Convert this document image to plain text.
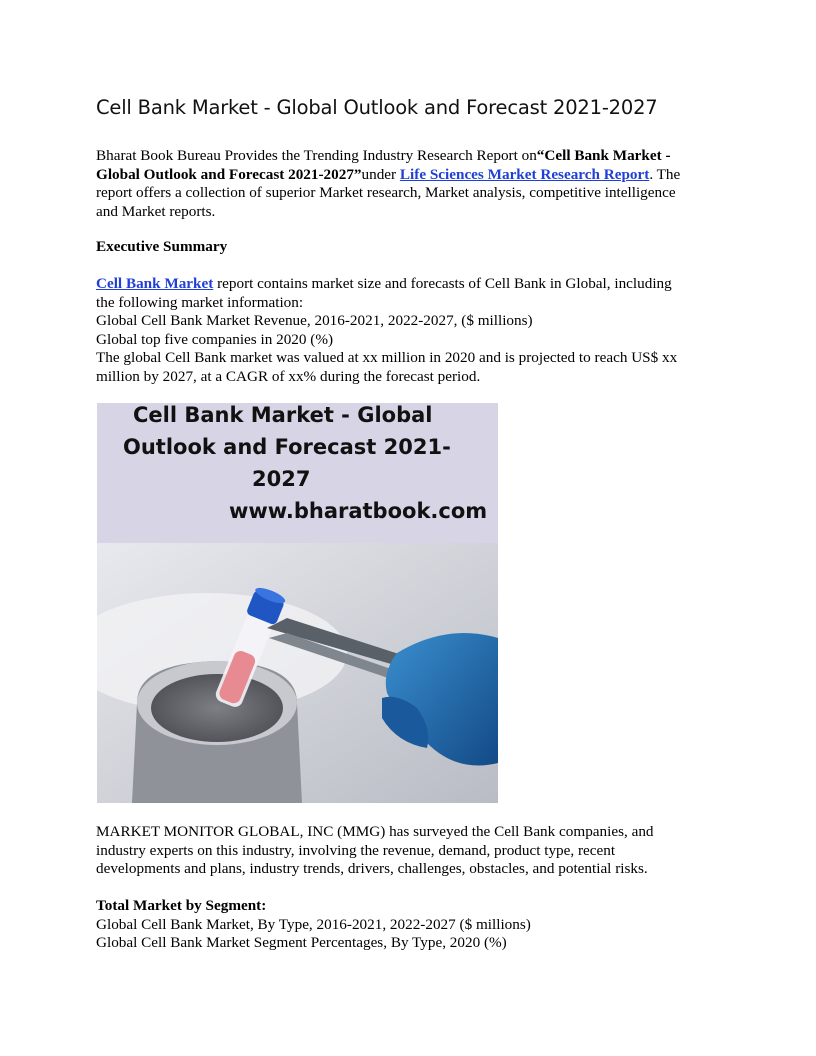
Cell Bank Market - Global Outlook and Forecast 2021-2027
Bharat Book Bureau Provides the Trending Industry Research Report on“Cell Bank Market -
Global Outlook and Forecast 2021-2027”under Life Sciences Market Research Report. The
report offers a collection of superior Market research, Market analysis, competitive intelligence
and Market reports.
Executive Summary
Cell Bank Market report contains market size and forecasts of Cell Bank in Global, including
the following market information:
Global Cell Bank Market Revenue, 2016-2021, 2022-2027, ($ millions)
Global top five companies in 2020 (%)
The global Cell Bank market was valued at xx million in 2020 and is projected to reach US$ xx
million by 2027, at a CAGR of xx% during the forecast period.
Cell Bank Market - Global
Outlook and Forecast 2021-
2027
www.bharatbook.com
MARKET MONITOR GLOBAL, INC (MMG) has surveyed the Cell Bank companies, and
industry experts on this industry, involving the revenue, demand, product type, recent
developments and plans, industry trends, drivers, challenges, obstacles, and potential risks.
Total Market by Segment:
Global Cell Bank Market, By Type, 2016-2021, 2022-2027 ($ millions)
Global Cell Bank Market Segment Percentages, By Type, 2020 (%)
